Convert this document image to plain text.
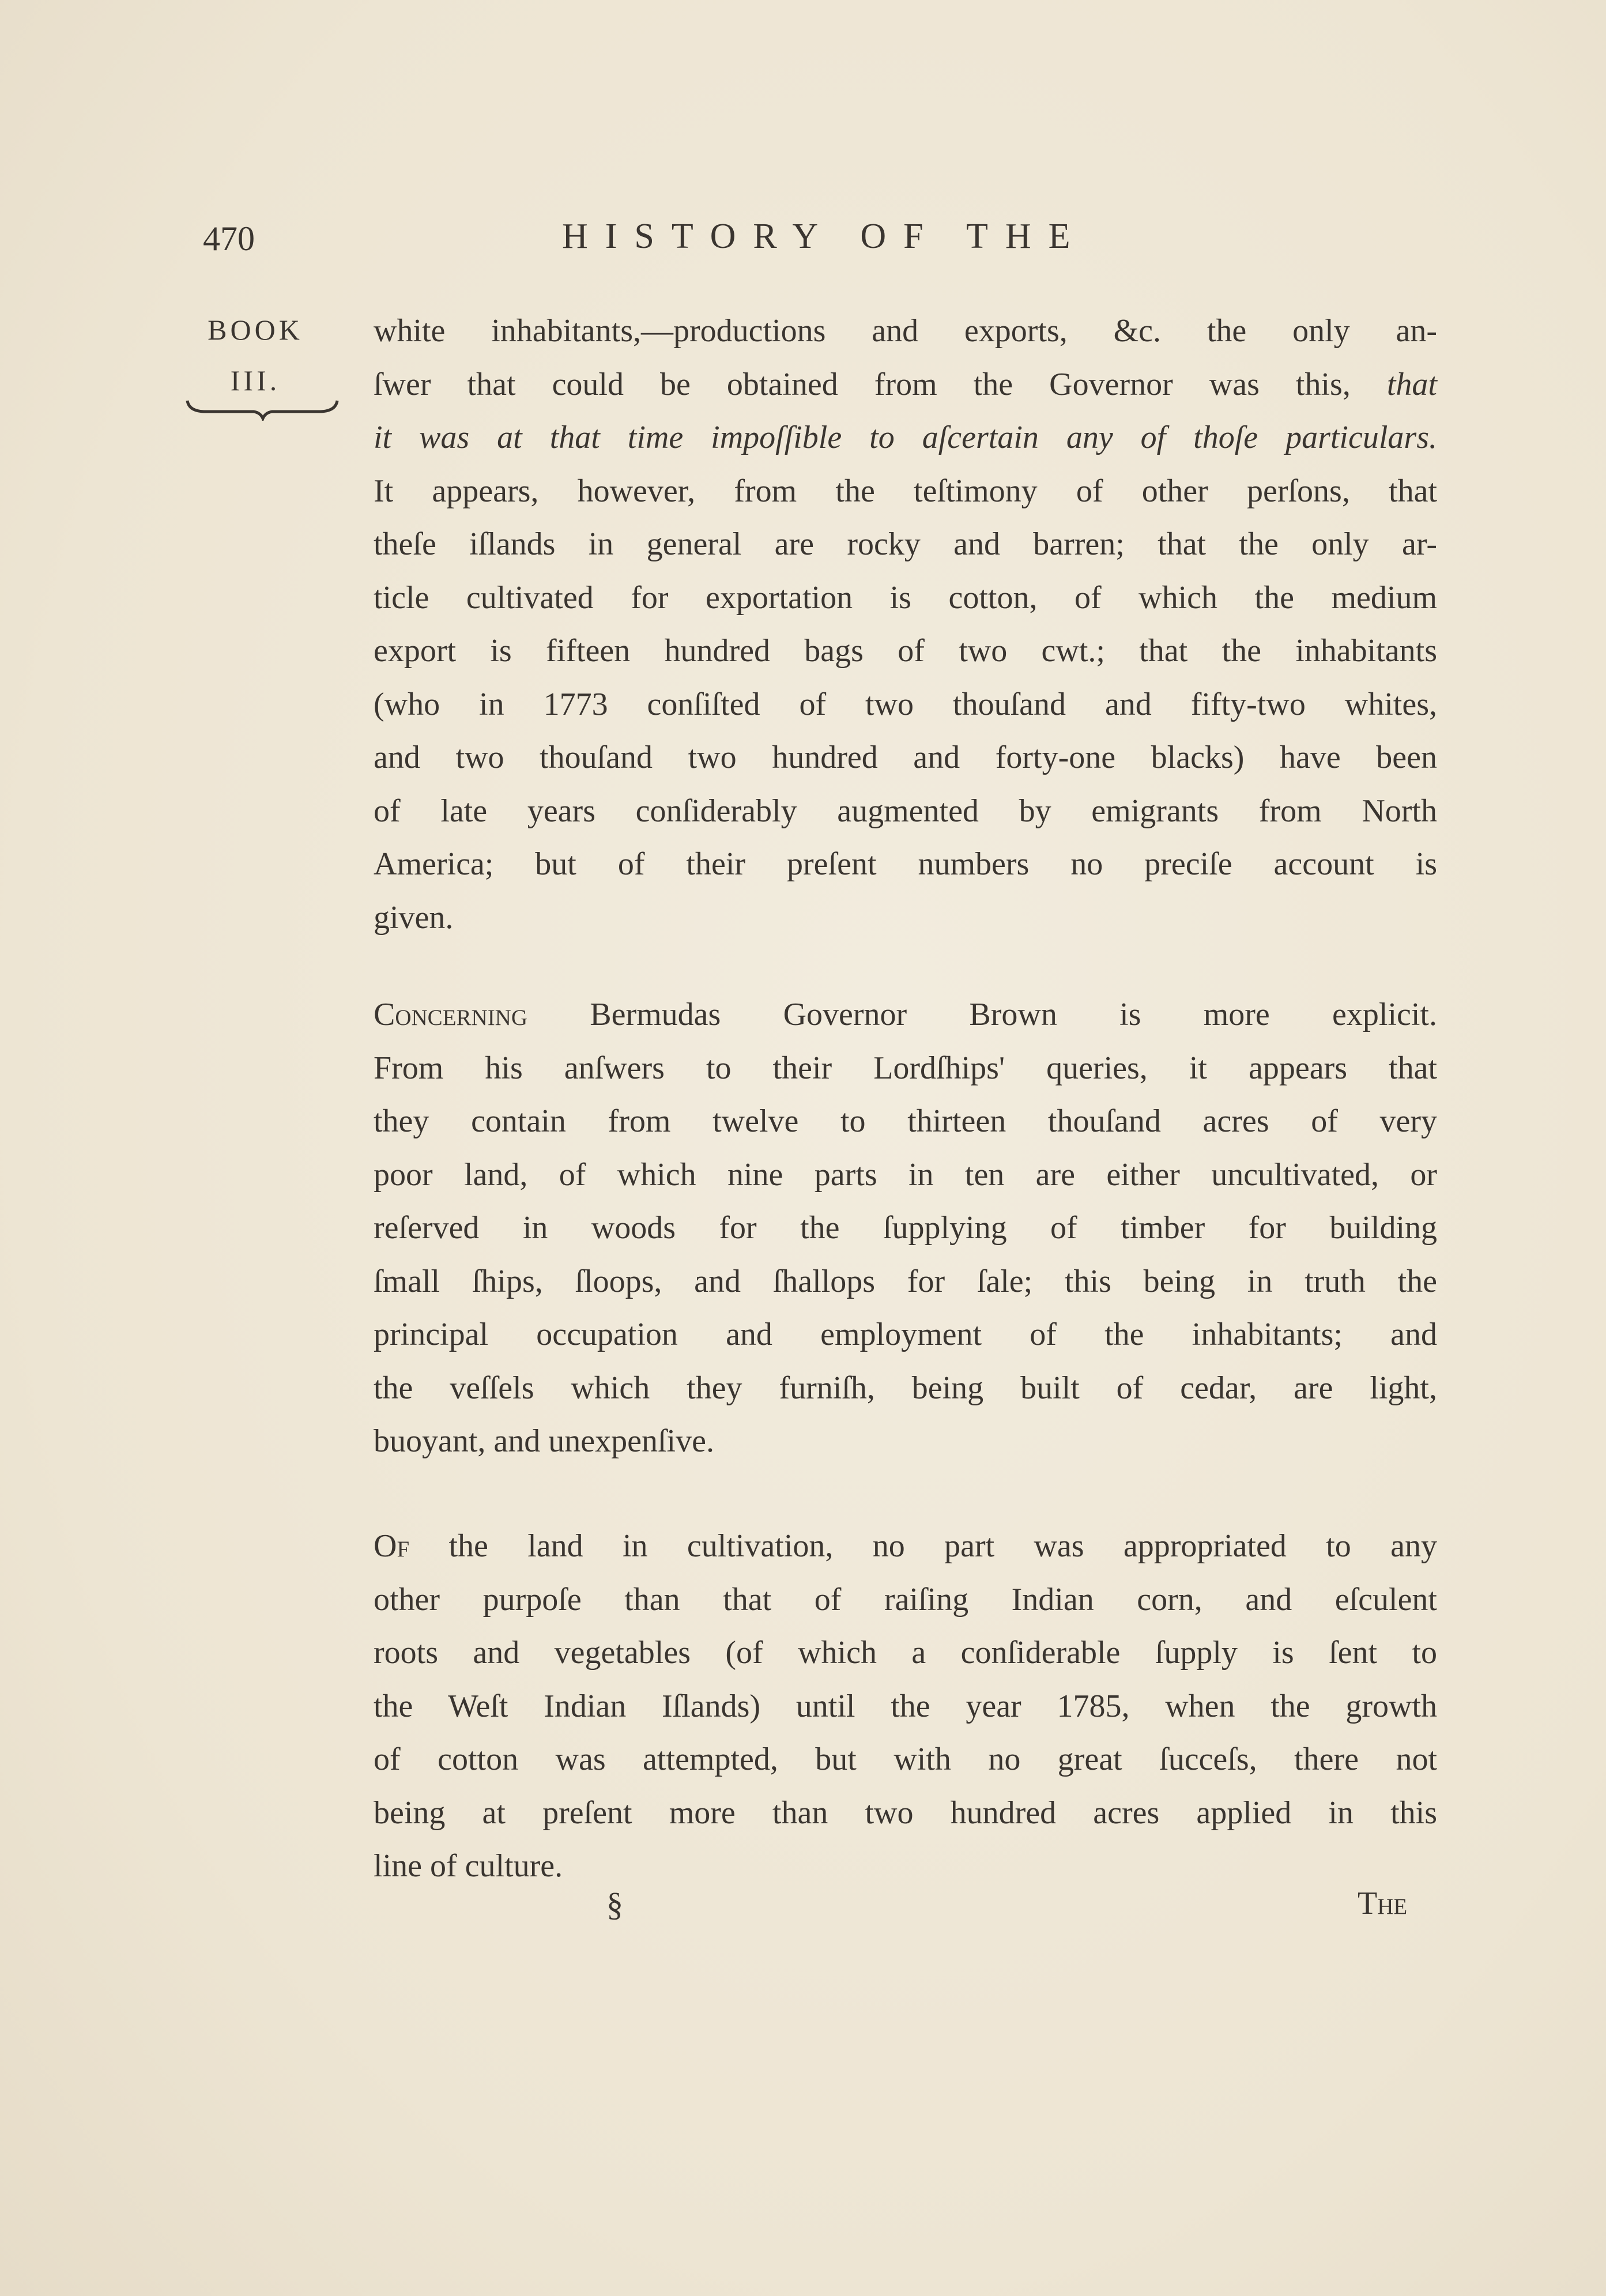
470	HISTORY OF THE
BOOK
III.
white inhabitants,—productions and exports, &c. the only an-
ſwer that could be obtained from the Governor was this, that
it was at that time impoſſible to aſcertain any of thoſe particulars.
It appears, however, from the teſtimony of other perſons, that
theſe iſlands in general are rocky and barren; that the only ar-
ticle cultivated for exportation is cotton, of which the medium
export is fifteen hundred bags of two cwt.; that the inhabitants
(who in 1773 conſiſted of two thouſand and fifty-two whites,
and two thouſand two hundred and forty-one blacks) have been
of late years conſiderably augmented by emigrants from North
America; but of their preſent numbers no preciſe account is
given.
Concerning Bermudas Governor Brown is more explicit.
From his anſwers to their Lordſhips' queries, it appears that
they contain from twelve to thirteen thouſand acres of very
poor land, of which nine parts in ten are either uncultivated, or
reſerved in woods for the ſupplying of timber for building
ſmall ſhips, ſloops, and ſhallops for ſale; this being in truth the
principal occupation and employment of the inhabitants; and
the veſſels which they furniſh, being built of cedar, are light,
buoyant, and unexpenſive.
Of the land in cultivation, no part was appropriated to any
other purpoſe than that of raiſing Indian corn, and eſculent
roots and vegetables (of which a conſiderable ſupply is ſent to
the Weſt Indian Iſlands) until the year 1785, when the growth
of cotton was attempted, but with no great ſucceſs, there not
being at preſent more than two hundred acres applied in this
line of culture.
§	The
